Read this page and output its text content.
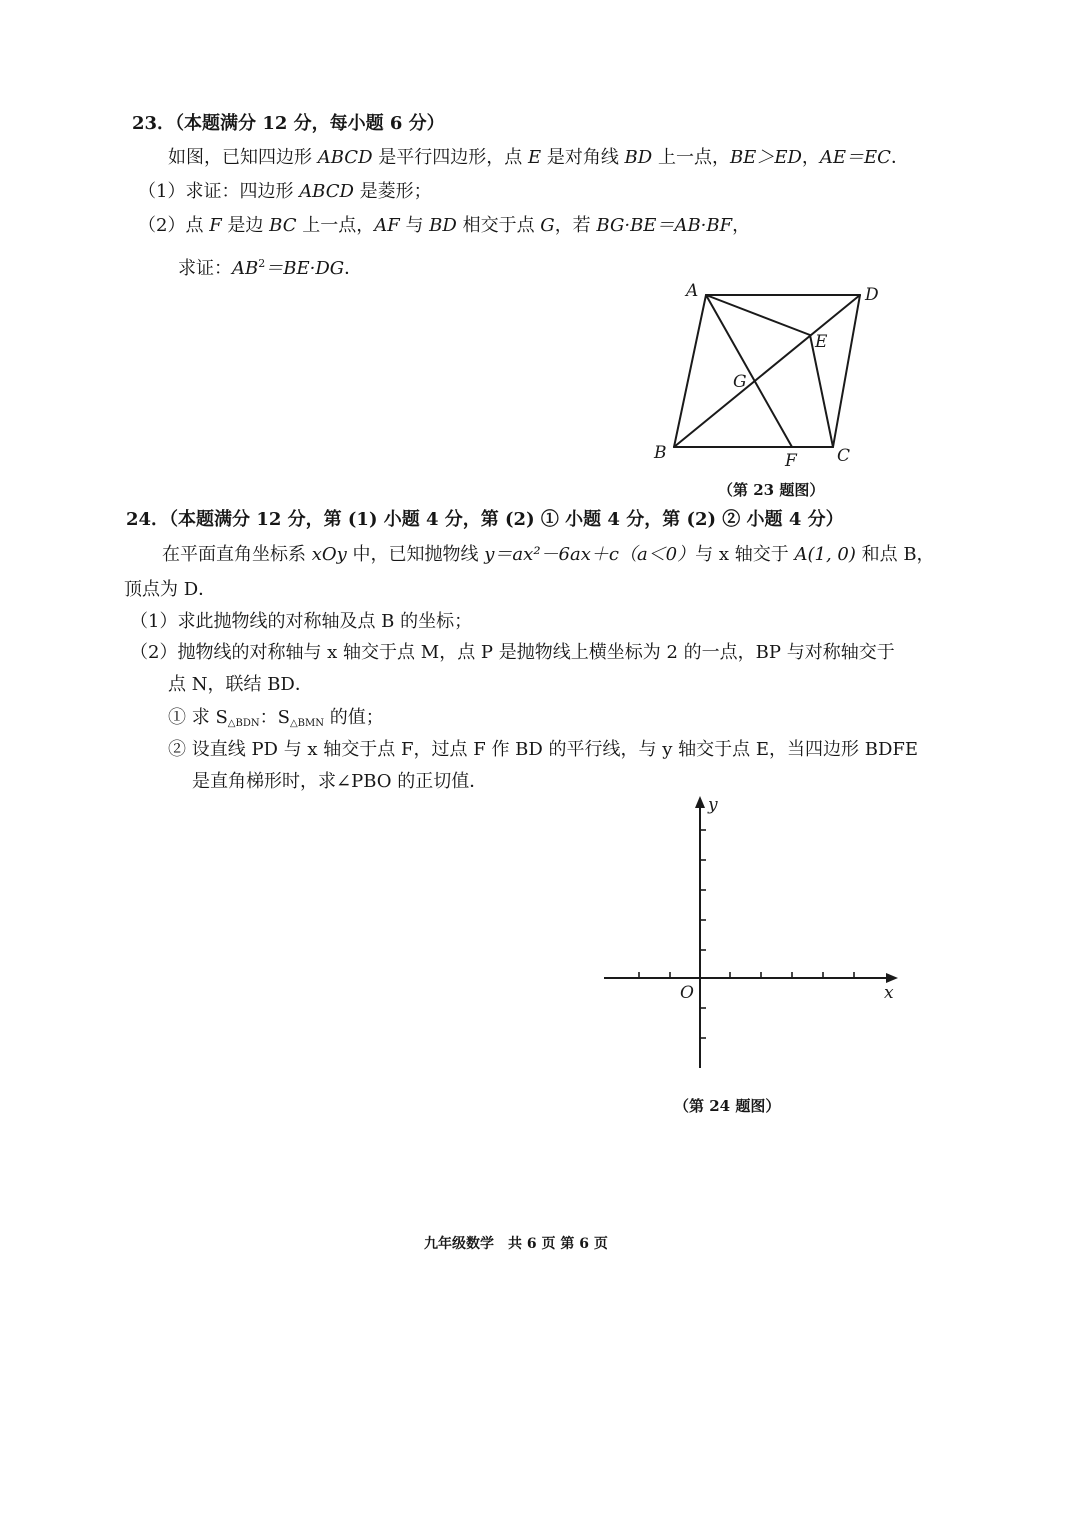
23．（本题满分 12 分，每小题 6 分）
如图，已知四边形 ABCD 是平行四边形，点 E 是对角线 BD 上一点，BE＞ED，AE＝EC．
（1）求证：四边形 ABCD 是菱形；
（2）点 F 是边 BC 上一点，AF 与 BD 相交于点 G，若 BG·BE＝AB·BF，
求证：$AB^2=BE\cdot DG$．
A	D
E
G
B	F C
（第 23 题图）
24．（本题满分 12 分，第 (1) 小题 4 分，第 (2) ① 小题 4 分，第 (2) ② 小题 4 分）
在平面直角坐标系 xOy 中，已知抛物线 y＝ax²－6ax＋c（a＜0）与 x 轴交于 A(1, 0) 和点 B，
顶点为 D．
（1）求此抛物线的对称轴及点 B 的坐标；
（2）抛物线的对称轴与 x 轴交于点 M，点 P 是抛物线上横坐标为 2 的一点，BP 与对称轴交于
点 N，联结 BD．
① 求 $S_{\triangle BDN}$：$S_{\triangle BMN}$ 的值；
② 设直线 PD 与 x 轴交于点 F，过点 F 作 BD 的平行线，与 y 轴交于点 E，当四边形 BDFE
是直角梯形时，求∠PBO 的正切值．
y
x
O
（第 24 题图）
九年级数学　共 6 页 第 6 页
